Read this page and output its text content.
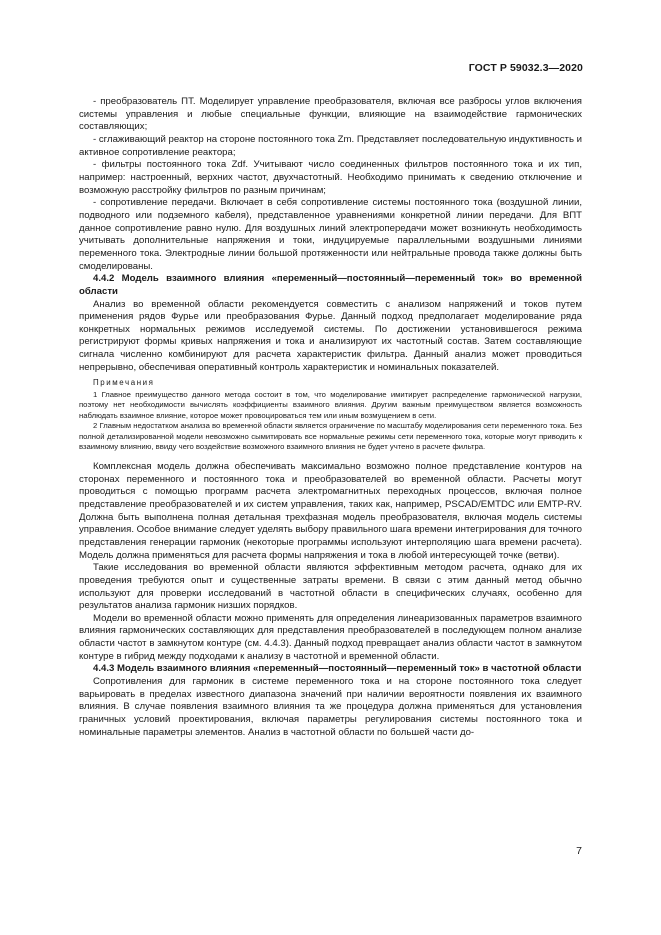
ГОСТ Р 59032.3—2020

- преобразователь ПТ. Моделирует управление преобразователя, включая все разбросы углов включения системы управления и любые специальные функции, влияющие на взаимодействие гармонических составляющих;

- сглаживающий реактор на стороне постоянного тока Zm. Представляет последовательную индуктивность и активное сопротивление реактора;

- фильтры постоянного тока Zdf. Учитывают число соединенных фильтров постоянного тока и их тип, например: настроенный, верхних частот, двухчастотный. Необходимо принимать к сведению отключение и возможную расстройку фильтров по разным причинам;

- сопротивление передачи. Включает в себя сопротивление системы постоянного тока (воздушной линии, подводного или подземного кабеля), представленное уравнениями конкретной линии передачи. Для ВПТ данное сопротивление равно нулю. Для воздушных линий электропередачи может возникнуть необходимость учитывать дополнительные напряжения и токи, индуцируемые параллельными воздушными линиями переменного тока. Электродные линии большой протяженности или нейтральные провода также должны быть смоделированы.

4.4.2 Модель взаимного влияния «переменный—постоянный—переменный ток» во временной области

Анализ во временной области рекомендуется совместить с анализом напряжений и токов путем применения рядов Фурье или преобразования Фурье. Данный подход предполагает моделирование ряда конкретных нормальных режимов исследуемой системы. По достижении установившегося режима регистрируют формы кривых напряжения и тока и анализируют их частотный состав. Затем составляющие сигнала численно комбинируют для расчета характеристик фильтра. Данный анализ может проводиться непрерывно, обеспечивая оперативный контроль характеристик и номинальных показателей.

Примечания

1 Главное преимущество данного метода состоит в том, что моделирование имитирует распределение гармонической нагрузки, поэтому нет необходимости вычислять коэффициенты взаимного влияния. Другим важным преимуществом является возможность наблюдать взаимное влияние, которое может провоцироваться тем или иным возмущением в сети.

2 Главным недостатком анализа во временной области является ограничение по масштабу моделирования сети переменного тока. Без полной детализированной модели невозможно сымитировать все нормальные режимы сети переменного тока, которые могут приводить к взаимному влиянию, ввиду чего воздействие возможного взаимного влияния не будет учтено в расчете фильтра.

Комплексная модель должна обеспечивать максимально возможно полное представление контуров на сторонах переменного и постоянного тока и преобразователей во временной области. Расчеты могут проводиться с помощью программ расчета электромагнитных переходных процессов, включая полное представление преобразователей и их систем управления, таких как, например, PSCAD/EMTDC или EMTP-RV. Должна быть выполнена полная детальная трехфазная модель преобразователя, включая модель системы управления. Особое внимание следует уделять выбору правильного шага времени интегрирования для точного представления генерации гармоник (некоторые программы используют интерполяцию шага времени расчета). Модель должна применяться для расчета формы напряжения и тока в любой интересующей точке (ветви).

Такие исследования во временной области являются эффективным методом расчета, однако для их проведения требуются опыт и существенные затраты времени. В связи с этим данный метод обычно используют для проверки исследований в частотной области в специфических случаях, особенно для результатов анализа гармоник низших порядков.

Модели во временной области можно применять для определения линеаризованных параметров взаимного влияния гармонических составляющих для представления преобразователей в последующем полном анализе области частот в замкнутом контуре (см. 4.4.3). Данный подход превращает анализ области частот в замкнутом контуре в гибрид между подходами к анализу в частотной и временной области.

4.4.3 Модель взаимного влияния «переменный—постоянный—переменный ток» в частотной области

Сопротивления для гармоник в системе переменного тока и на стороне постоянного тока следует варьировать в пределах известного диапазона значений при наличии вероятности появления их взаимного влияния. В случае появления взаимного влияния та же процедура должна применяться для установления граничных условий проектирования, включая параметры регулирования системы постоянного тока и номинальные параметры элементов. Анализ в частотной области по большей части до-

7
